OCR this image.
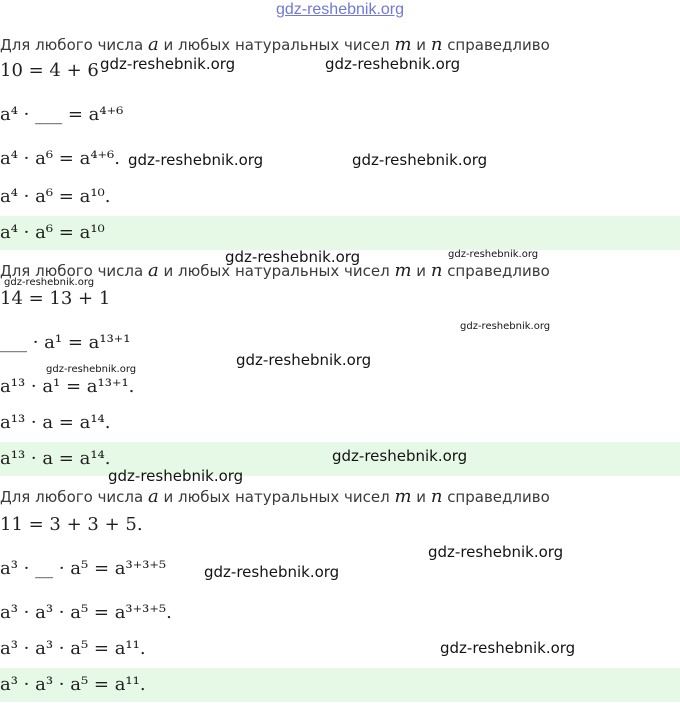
gdz-reshebnik.org
Для любого числа a и любых натуральных чисел m и n справедливо
10 = 4 + 6
a⁴ · ___ = a⁴⁺⁶
a⁴ · a⁶ = a⁴⁺⁶.
a⁴ · a⁶ = a¹⁰.
a⁴ · a⁶ = a¹⁰
Для любого числа a и любых натуральных чисел m и n справедливо
14 = 13 + 1
___ · a¹ = a¹³⁺¹
a¹³ · a¹ = a¹³⁺¹.
a¹³ · a = a¹⁴.
a¹³ · a = a¹⁴.
Для любого числа a и любых натуральных чисел m и n справедливо
11 = 3 + 3 + 5.
a³ · __ · a⁵ = a³⁺³⁺⁵
a³ · a³ · a⁵ = a³⁺³⁺⁵.
a³ · a³ · a⁵ = a¹¹.
a³ · a³ · a⁵ = a¹¹.
gdz-reshebnik.org	gdz-reshebnik.org
gdz-reshebnik.org	gdz-reshebnik.org
gdz-reshebnik.org	gdz-reshebnik.org
gdz-reshebnik.org
gdz-reshebnik.org
gdz-reshebnik.org
gdz-reshebnik.org
gdz-reshebnik.org
gdz-reshebnik.org
gdz-reshebnik.org
gdz-reshebnik.org
gdz-reshebnik.org
